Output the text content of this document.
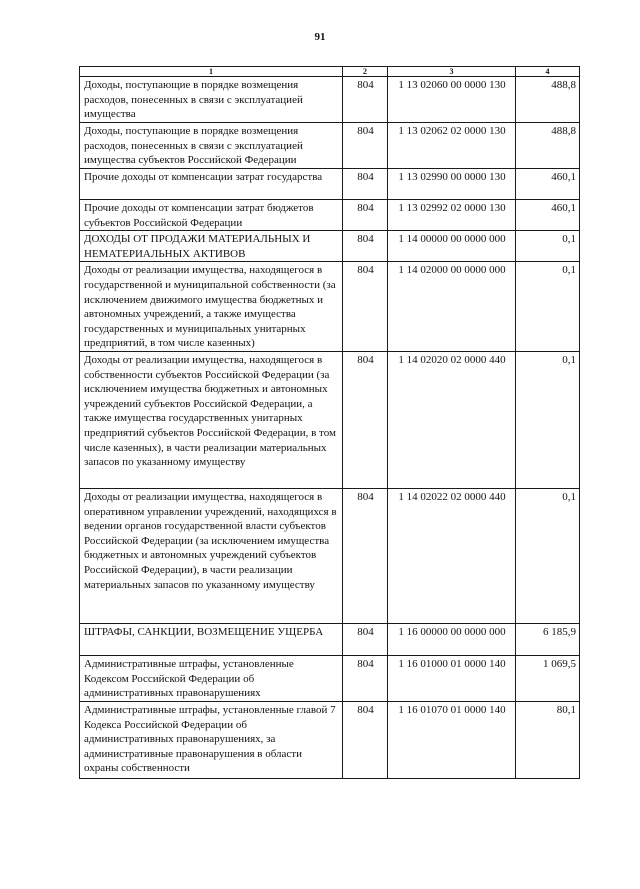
91
1	2	3	4
Доходы, поступающие в порядке возмещения расходов, понесенных в связи с эксплуатацией имущества	804	1 13 02060 00 0000 130	488,8
Доходы, поступающие в порядке возмещения расходов, понесенных в связи с эксплуатацией имущества субъектов Российской Федерации	804	1 13 02062 02 0000 130	488,8
Прочие доходы от компенсации затрат государства	804	1 13 02990 00 0000 130	460,1
Прочие доходы от компенсации затрат бюджетов субъектов Российской Федерации	804	1 13 02992 02 0000 130	460,1
ДОХОДЫ ОТ ПРОДАЖИ МАТЕРИАЛЬНЫХ И НЕМАТЕРИАЛЬНЫХ АКТИВОВ	804	1 14 00000 00 0000 000	0,1
Доходы от реализации имущества, находящегося в государственной и муниципальной собственности (за исключением движимого имущества бюджетных и автономных учреждений, а также имущества государственных и муниципальных унитарных предприятий, в том числе казенных)	804	1 14 02000 00 0000 000	0,1
Доходы от реализации имущества, находящегося в собственности субъектов Российской Федерации (за исключением имущества бюджетных и автономных учреждений субъектов Российской Федерации, а также имущества государственных унитарных предприятий субъектов Российской Федерации, в том числе казенных), в части реализации материальных запасов по указанному имуществу	804	1 14 02020 02 0000 440	0,1
Доходы от реализации имущества, находящегося в оперативном управлении учреждений, находящихся в ведении органов государственной власти субъектов Российской Федерации (за исключением имущества бюджетных и автономных учреждений субъектов Российской Федерации), в части реализации материальных запасов по указанному имуществу	804	1 14 02022 02 0000 440	0,1
ШТРАФЫ, САНКЦИИ, ВОЗМЕЩЕНИЕ УЩЕРБА	804	1 16 00000 00 0000 000	6 185,9
Административные штрафы, установленные Кодексом Российской Федерации об административных правонарушениях	804	1 16 01000 01 0000 140	1 069,5
Административные штрафы, установленные главой 7 Кодекса Российской Федерации об административных правонарушениях, за административные правонарушения в области охраны собственности	804	1 16 01070 01 0000 140	80,1
